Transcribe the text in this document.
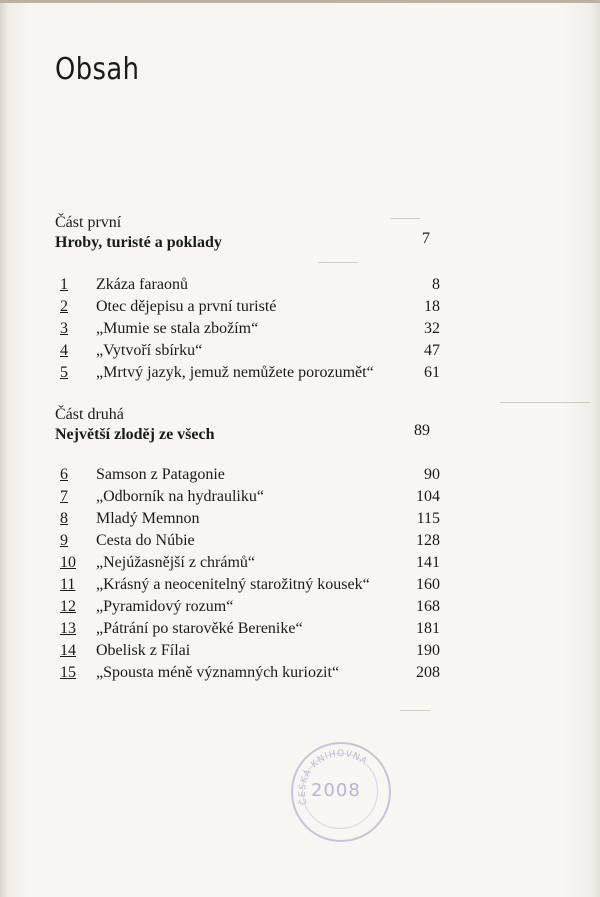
Obsah
Část první
Hroby, turisté a poklady	7
1	Zkáza faraonů	8
2	Otec dějepisu a první turisté	18
3	„Mumie se stala zbožím“	32
4	„Vytvoří sbírku“	47
5	„Mrtvý jazyk, jemuž nemůžete porozumět“	61
Část druhá
Největší zloděj ze všech	89
6	Samson z Patagonie	90
7	„Odborník na hydrauliku“	104
8	Mladý Memnon	115
9	Cesta do Núbie	128
10	„Nejúžasnější z chrámů“	141
11	„Krásný a neocenitelný starožitný kousek“	160
12	„Pyramidový rozum“	168
13	„Pátrání po starověké Berenike“	181
14	Obelisk z Fílai	190
15	„Spousta méně významných kuriozit“	208
ČESKÁ KNIHOVNA
2008
